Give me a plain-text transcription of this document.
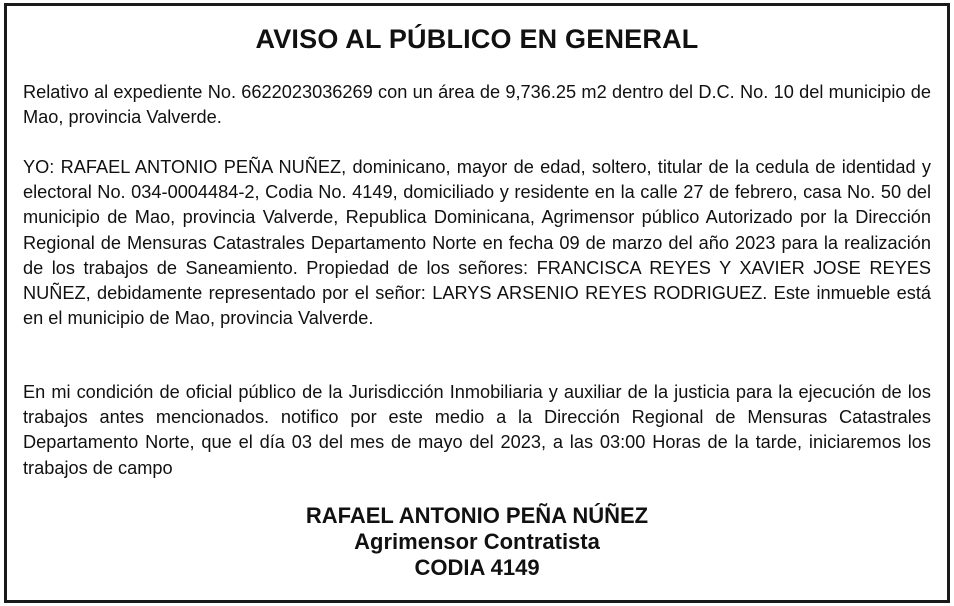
AVISO AL PÚBLICO EN GENERAL

Relativo al expediente No. 6622023036269 con un área de 9,736.25 m2 dentro del D.C. No. 10 del municipio de Mao, provincia Valverde.

YO: RAFAEL ANTONIO PEÑA NUÑEZ, dominicano, mayor de edad, soltero, titular de la cedula de identidad y electoral No. 034-0004484-2, Codia No. 4149, domiciliado y residente en la calle 27 de febrero, casa No. 50 del municipio de Mao, provincia Valverde, Republica Dominicana, Agrimensor público Autorizado por la Dirección Regional de Mensuras Catastrales Departamento Norte en fecha 09 de marzo del año 2023 para la realización de los trabajos de Saneamiento. Propiedad de los señores: FRANCISCA REYES Y XAVIER JOSE REYES NUÑEZ, debidamente representado por el señor: LARYS ARSENIO REYES RODRIGUEZ. Este inmueble está en el municipio de Mao, provincia Valverde.

En mi condición de oficial público de la Jurisdicción Inmobiliaria y auxiliar de la justicia para la ejecución de los trabajos antes mencionados. notifico por este medio a la Dirección Regional de Mensuras Catastrales Departamento Norte, que el día 03 del mes de mayo del 2023, a las 03:00 Horas de la tarde, iniciaremos los trabajos de campo

RAFAEL ANTONIO PEÑA NÚÑEZ
Agrimensor Contratista
CODIA 4149
